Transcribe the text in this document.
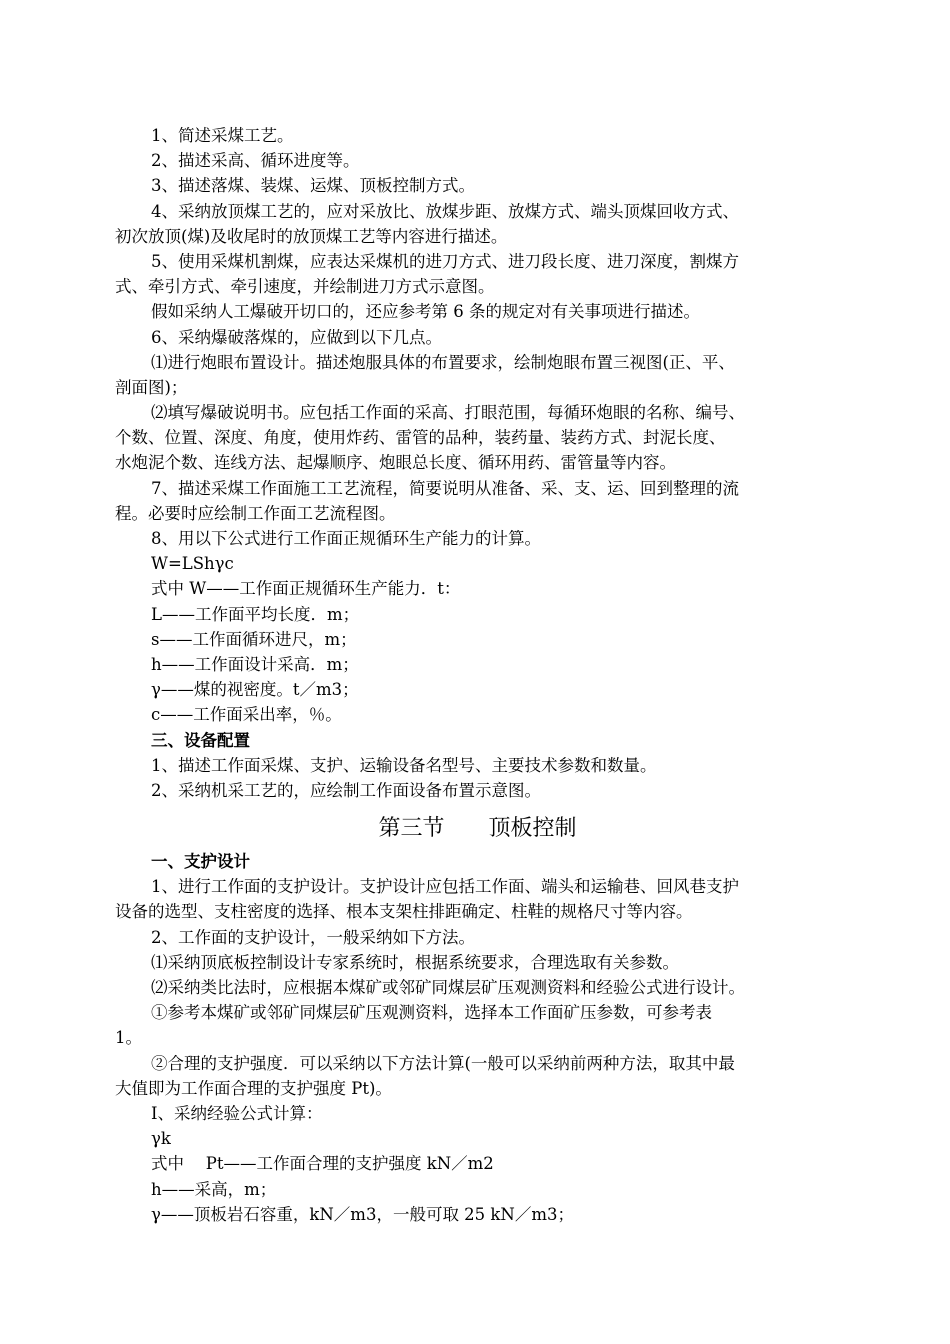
1、简述采煤工艺。
2、描述采高、循环进度等。
3、描述落煤、装煤、运煤、顶板控制方式。
4、采纳放顶煤工艺的，应对采放比、放煤步距、放煤方式、端头顶煤回收方式、
初次放顶(煤)及收尾时的放顶煤工艺等内容进行描述。
5、使用采煤机割煤，应表达采煤机的进刀方式、进刀段长度、进刀深度，割煤方
式、牵引方式、牵引速度，并绘制进刀方式示意图。
假如采纳人工爆破开切口的，还应参考第 6 条的规定对有关事项进行描述。
6、采纳爆破落煤的，应做到以下几点。
⑴进行炮眼布置设计。描述炮服具体的布置要求，绘制炮眼布置三视图(正、平、
剖面图)；
⑵填写爆破说明书。应包括工作面的采高、打眼范围，每循环炮眼的名称、编号、
个数、位置、深度、角度，使用炸药、雷管的品种，装药量、装药方式、封泥长度、
水炮泥个数、连线方法、起爆顺序、炮眼总长度、循环用药、雷管量等内容。
7、描述采煤工作面施工工艺流程，简要说明从准备、采、支、运、回到整理的流
程。必要时应绘制工作面工艺流程图。
8、用以下公式进行工作面正规循环生产能力的计算。
W=LShγc
式中 W——工作面正规循环生产能力．t：
L——工作面平均长度．m；
s——工作面循环进尺，m；
h——工作面设计采高．m；
γ——煤的视密度。t／m3；
c——工作面采出率，％。
三、设备配置
1、描述工作面采煤、支护、运输设备名型号、主要技术参数和数量。
2、采纳机采工艺的，应绘制工作面设备布置示意图。
第三节　　顶板控制
一、支护设计
1、进行工作面的支护设计。支护设计应包括工作面、端头和运输巷、回风巷支护
设备的选型、支柱密度的选择、根本支架柱排距确定、柱鞋的规格尺寸等内容。
2、工作面的支护设计，一般采纳如下方法。
⑴采纳顶底板控制设计专家系统时，根据系统要求，合理选取有关参数。
⑵采纳类比法时，应根据本煤矿或邻矿同煤层矿压观测资料和经验公式进行设计。
①参考本煤矿或邻矿同煤层矿压观测资料，选择本工作面矿压参数，可参考表
1。
②合理的支护强度．可以采纳以下方法计算(一般可以采纳前两种方法，取其中最
大值即为工作面合理的支护强度 Pt)。
Ⅰ、采纳经验公式计算：
γk
式中　 Pt——工作面合理的支护强度 kN／m2
h——采高，m；
γ——顶板岩石容重，kN／m3，一般可取 25 kN／m3；
